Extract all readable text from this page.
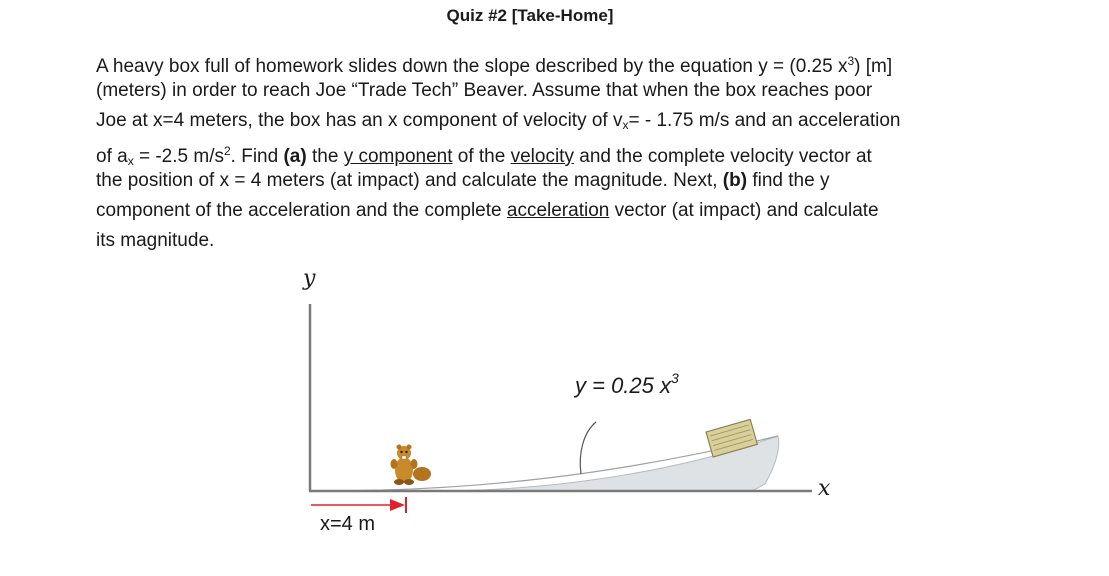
Quiz #2 [Take-Home]
A heavy box full of homework slides down the slope described by the equation y = (0.25 $x^3$) [m]
(meters) in order to reach Joe “Trade Tech” Beaver. Assume that when the box reaches poor
Joe at x=4 meters, the box has an x component of velocity of $v_x= - 1.75$ m/s and an acceleration
of $a_x = -2.5$ $m/s^2$. Find (a) the y component of the velocity and the complete velocity vector at
the position of x = 4 meters (at impact) and calculate the magnitude. Next, (b) find the y
component of the acceleration and the complete acceleration vector (at impact) and calculate
its magnitude.
y
x
y = 0.25 $x^3$
x=4 m
